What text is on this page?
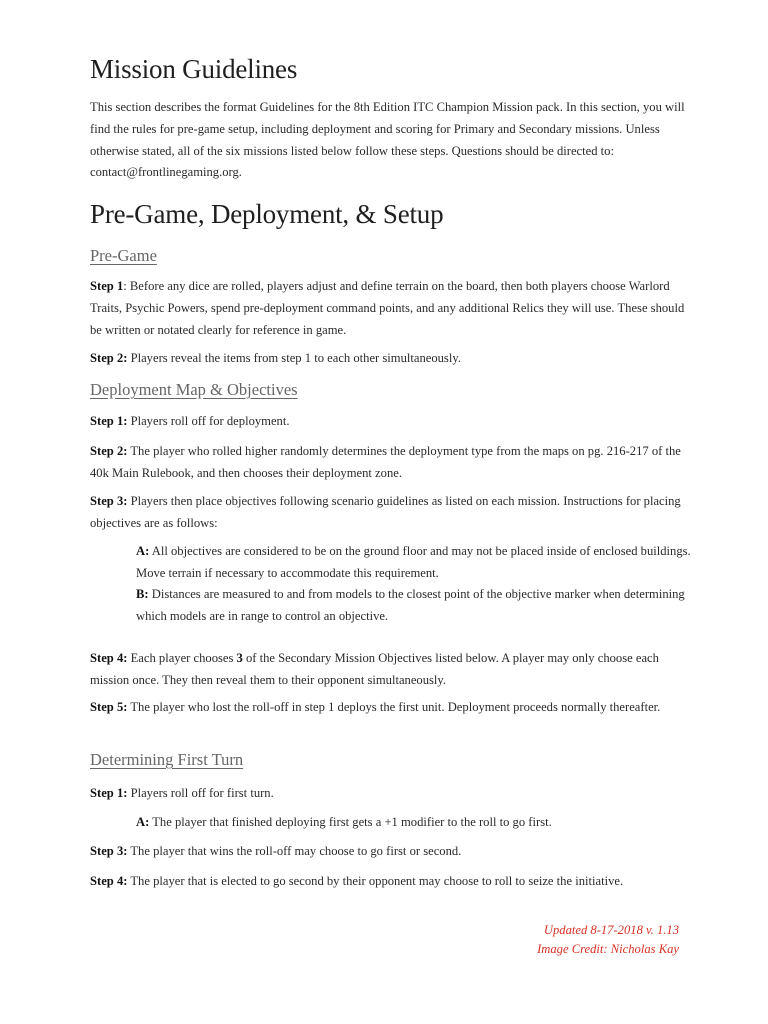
Mission Guidelines

This section describes the format Guidelines for the 8th Edition ITC Champion Mission pack. In this section, you will find the rules for pre-game setup, including deployment and scoring for Primary and Secondary missions. Unless otherwise stated, all of the six missions listed below follow these steps. Questions should be directed to: contact@frontlinegaming.org.

Pre-Game, Deployment, & Setup
Pre-Game

Step 1: Before any dice are rolled, players adjust and define terrain on the board, then both players choose Warlord Traits, Psychic Powers, spend pre-deployment command points, and any additional Relics they will use. These should be written or notated clearly for reference in game.

Step 2: Players reveal the items from step 1 to each other simultaneously.

Deployment Map & Objectives

Step 1: Players roll off for deployment.

Step 2: The player who rolled higher randomly determines the deployment type from the maps on pg. 216-217 of the 40k Main Rulebook, and then chooses their deployment zone.

Step 3: Players then place objectives following scenario guidelines as listed on each mission. Instructions for placing objectives are as follows:

A: All objectives are considered to be on the ground floor and may not be placed inside of enclosed buildings. Move terrain if necessary to accommodate this requirement.

B: Distances are measured to and from models to the closest point of the objective marker when determining which models are in range to control an objective.

Step 4: Each player chooses 3 of the Secondary Mission Objectives listed below. A player may only choose each mission once. They then reveal them to their opponent simultaneously.

Step 5: The player who lost the roll-off in step 1 deploys the first unit. Deployment proceeds normally thereafter.

Determining First Turn

Step 1: Players roll off for first turn.

A: The player that finished deploying first gets a +1 modifier to the roll to go first.

Step 3: The player that wins the roll-off may choose to go first or second.

Step 4: The player that is elected to go second by their opponent may choose to roll to seize the initiative.

Updated 8-17-2018 v. 1.13
Image Credit: Nicholas Kay
